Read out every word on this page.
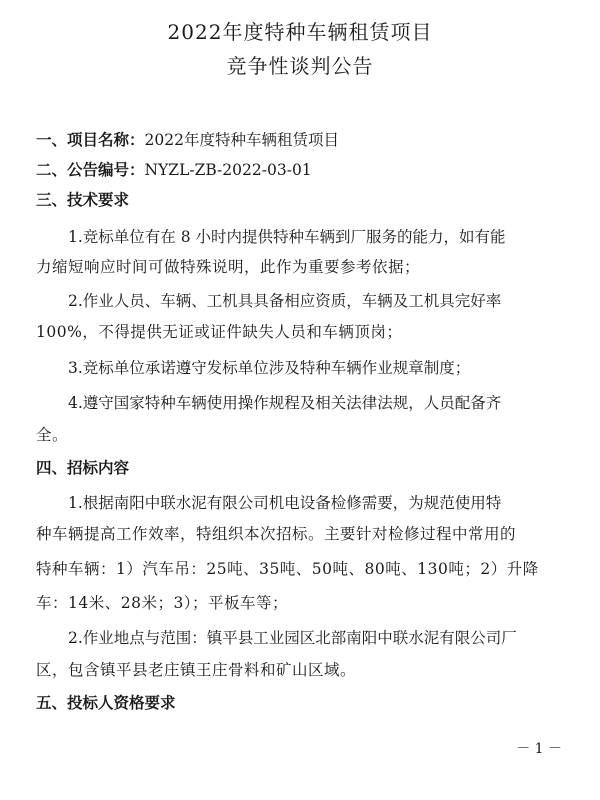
2022年度特种车辆租赁项目
竞争性谈判公告

一、项目名称：2022年度特种车辆租赁项目

二、公告编号：NYZL-ZB-2022-03-01

三、技术要求

1.竞标单位有在 8 小时内提供特种车辆到厂服务的能力，如有能

力缩短响应时间可做特殊说明，此作为重要参考依据；

2.作业人员、车辆、工机具具备相应资质，车辆及工机具完好率

100%，不得提供无证或证件缺失人员和车辆顶岗；

3.竞标单位承诺遵守发标单位涉及特种车辆作业规章制度；

4.遵守国家特种车辆使用操作规程及相关法律法规，人员配备齐

全。

四、招标内容

1.根据南阳中联水泥有限公司机电设备检修需要，为规范使用特

种车辆提高工作效率，特组织本次招标。主要针对检修过程中常用的

特种车辆：1）汽车吊：25吨、35吨、50吨、80吨、130吨；2）升降

车：14米、28米；3）；平板车等；

2.作业地点与范围：镇平县工业园区北部南阳中联水泥有限公司厂

区，包含镇平县老庄镇王庄骨料和矿山区域。

五、投标人资格要求

－ 1 －
